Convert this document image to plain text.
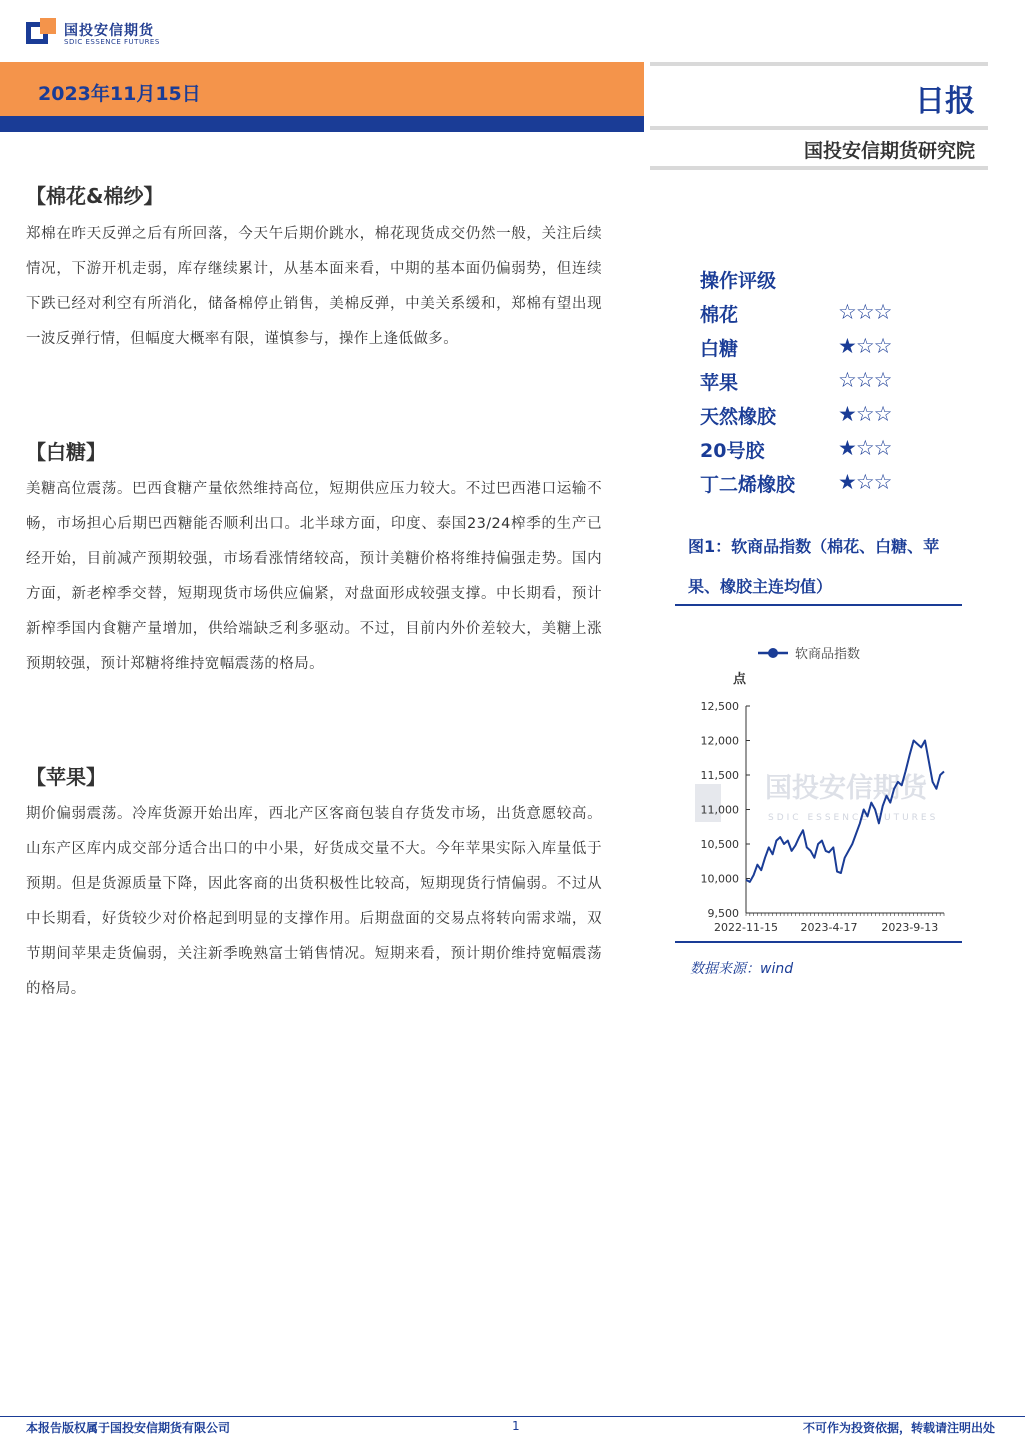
国投安信期货
SDIC ESSENCE FUTURES
2023年11月15日	日报
国投安信期货研究院
【棉花&棉纱】
郑棉在昨天反弹之后有所回落，今天午后期价跳水，棉花现货成交仍然一般，关注后续情况，下游开机走弱，库存继续累计，从基本面来看，中期的基本面仍偏弱势，但连续下跌已经对利空有所消化，储备棉停止销售，美棉反弹，中美关系缓和，郑棉有望出现一波反弹行情，但幅度大概率有限，谨慎参与，操作上逢低做多。
【白糖】
美糖高位震荡。巴西食糖产量依然维持高位，短期供应压力较大。不过巴西港口运输不畅，市场担心后期巴西糖能否顺利出口。北半球方面，印度、泰国23/24榨季的生产已经开始，目前减产预期较强，市场看涨情绪较高，预计美糖价格将维持偏强走势。国内方面，新老榨季交替，短期现货市场供应偏紧，对盘面形成较强支撑。中长期看，预计新榨季国内食糖产量增加，供给端缺乏利多驱动。不过，目前内外价差较大，美糖上涨预期较强，预计郑糖将维持宽幅震荡的格局。
【苹果】
期价偏弱震荡。冷库货源开始出库，西北产区客商包装自存货发市场，出货意愿较高。山东产区库内成交部分适合出口的中小果，好货成交量不大。今年苹果实际入库量低于预期。但是货源质量下降，因此客商的出货积极性比较高，短期现货行情偏弱。不过从中长期看，好货较少对价格起到明显的支撑作用。后期盘面的交易点将转向需求端，双节期间苹果走货偏弱，关注新季晚熟富士销售情况。短期来看，预计期价维持宽幅震荡的格局。
操作评级
棉花	☆☆☆
白糖	★☆☆
苹果	☆☆☆
天然橡胶	★☆☆
20号胶	★☆☆
丁二烯橡胶 ★☆☆
图1：软商品指数（棉花、白糖、苹果、橡胶主连均值）
国投安信期货
SDIC ESSENCE FUTURES
软商品指数
点
9,500
10,000
10,500
11,000
11,500
12,000
12,500
2022-11-15 2023-4-17 2023-9-13
数据来源：wind
本报告版权属于国投安信期货有限公司	1	不可作为投资依据，转载请注明出处
